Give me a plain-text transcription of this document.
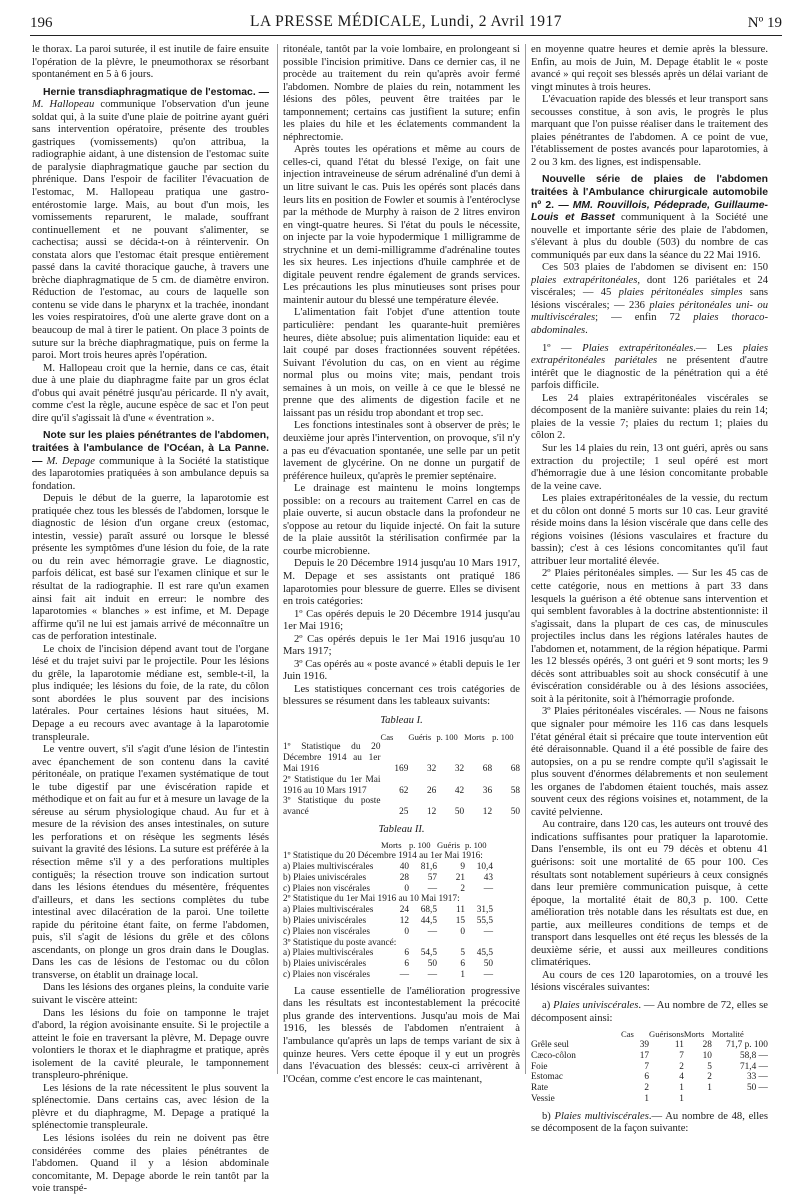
196	LA PRESSE MÉDICALE, Lundi, 2 Avril 1917	Nº 19

le thorax. La paroi suturée, il est inutile de faire ensuite l'opération de la plèvre, le pneumothorax se résorbant spontanément en 5 à 6 jours.

Hernie transdiaphragmatique de l'estomac. — M. Hallopeau communique l'observation d'un jeune soldat qui, à la suite d'une plaie de poitrine ayant guéri sans intervention opératoire, présente des troubles gastriques (vomissements) qu'on attribua, la radiographie aidant, à une distension de l'estomac suite de paralysie diaphragmatique gauche par section du phrénique. Dans l'espoir de faciliter l'évacuation de l'estomac, M. Hallopeau pratiqua une gastro-entérostomie large. Mais, au bout d'un mois, les vomissements reparurent, le malade, souffrant continuellement et ne pouvant s'alimenter, se cachectisa; aussi se décida-t-on à réintervenir. On constata alors que l'estomac était presque entièrement passé dans la cavité thoracique gauche, à travers une brèche diaphragmatique de 5 cm. de diamètre environ. Réduction de l'estomac, au cours de laquelle son contenu se vide dans le pharynx et la trachée, inondant les voies respiratoires, d'où une alerte grave dont on a beaucoup de mal à tirer le patient. On place 3 points de suture sur la brèche diaphragmatique, puis on ferme la paroi. Mort trois heures après l'opération.

M. Hallopeau croit que la hernie, dans ce cas, était due à une plaie du diaphragme faite par un gros éclat d'obus qui avait pénétré jusqu'au péricarde. Il n'y avait, comme c'est la règle, aucune espèce de sac et l'on peut dire qu'il s'agissait là d'une « éventration ».

Note sur les plaies pénétrantes de l'abdomen, traitées à l'ambulance de l'Océan, à La Panne. — M. Depage communique à la Société la statistique des laparotomies pratiquées à son ambulance depuis sa fondation.

Depuis le début de la guerre, la laparotomie est pratiquée chez tous les blessés de l'abdomen, lorsque le diagnostic de lésion d'un organe creux (estomac, intestin, vessie) paraît assuré ou lorsque le blessé présente les symptômes d'une lésion du foie, de la rate ou du rein avec hémorragie grave. Le diagnostic, parfois délicat, est basé sur l'examen clinique et sur le résultat de la radiographie. Il est rare qu'un examen ainsi fait ait induit en erreur: le nombre des laparotomies « blanches » est infime, et M. Depage affirme qu'il ne lui est jamais arrivé de méconnaître un cas de perforation intestinale.

Le choix de l'incision dépend avant tout de l'organe lésé et du trajet suivi par le projectile. Pour les lésions du grêle, la laparotomie médiane est, semble-t-il, la plus indiquée; les lésions du foie, de la rate, du côlon sont abordées le plus souvent par des incisions latérales. Pour certaines lésions haut situées, M. Depage a eu recours avec avantage à la laparotomie transpleurale.

Le ventre ouvert, s'il s'agit d'une lésion de l'intestin avec épanchement de son contenu dans la cavité péritonéale, on pratique l'examen systématique de tout le tube digestif par une éviscération rapide et méthodique et on fait au fur et à mesure un lavage de la séreuse au sérum physiologique chaud. Au fur et à mesure de la révision des anses intestinales, on suture les perforations et on résèque les segments lésés suivant la gravité des lésions. La suture est préférée à la résection même s'il y a des perforations multiples contiguës; la résection trouve son indication surtout dans les lésions étendues du mésentère, fréquentes d'ailleurs, et dans les sections complètes du tube intestinal avec dilacération de la paroi. Une toilette rapide du péritoine étant faite, on ferme l'abdomen, puis, s'il s'agit de lésions du grêle et des côlons ascendants, on plonge un gros drain dans le Douglas. Dans les cas de lésions de l'estomac ou du côlon transverse, on établit un drainage local.

Dans les lésions des organes pleins, la conduite varie suivant le viscère atteint:

Dans les lésions du foie on tamponne le trajet d'abord, la région avoisinante ensuite. Si le projectile a atteint le foie en traversant la plèvre, M. Depage ouvre volontiers le thorax et le diaphragme et pratique, après isolement de la cavité pleurale, le tamponnement transpleuro-phrénique.

Les lésions de la rate nécessitent le plus souvent la splénectomie. Dans certains cas, avec lésion de la plèvre et du diaphragme, M. Depage a pratiqué la splénectomie transpleurale.

Les lésions isolées du rein ne doivent pas être considérées comme des plaies pénétrantes de l'abdomen. Quand il y a lésion abdominale concomitante, M. Depage aborde le rein tantôt par la voie transpé-

ritonéale, tantôt par la voie lombaire, en prolongeant si possible l'incision primitive. Dans ce dernier cas, il ne procède au traitement du rein qu'après avoir fermé l'abdomen. Nombre de plaies du rein, notamment les lésions des pôles, peuvent être traitées par le tamponnement; certains cas justifient la suture; enfin les plaies du hile et les éclatements commandent la néphrectomie.

Après toutes les opérations et même au cours de celles-ci, quand l'état du blessé l'exige, on fait une injection intraveineuse de sérum adrénaliné d'un demi à un litre suivant le cas. Puis les opérés sont placés dans leurs lits en position de Fowler et soumis à l'entéroclyse par la méthode de Murphy à raison de 2 litres environ en vingt-quatre heures. Si l'état du pouls le nécessite, on injecte par la voie hypodermique 1 milligramme de strychnine et un demi-milligramme d'adrénaline toutes les six heures. Les injections d'huile camphrée et de digitale peuvent rendre également de grands services. Les précautions les plus minutieuses sont prises pour maintenir autour du blessé une température élevée.

L'alimentation fait l'objet d'une attention toute particulière: pendant les quarante-huit premières heures, diète absolue; puis alimentation liquide: eau et lait coupé par doses fractionnées souvent répétées. Suivant l'évolution du cas, on en vient au régime normal plus ou moins vite; mais, pendant trois semaines à un mois, on veille à ce que le blessé ne prenne que des aliments de digestion facile et ne laissant pas un résidu trop abondant et trop sec.

Les fonctions intestinales sont à observer de près; le deuxième jour après l'intervention, on provoque, s'il n'y a pas eu d'évacuation spontanée, une selle par un petit lavement de glycérine. On ne donne un purgatif de préférence huileux, qu'après le premier septénaire.

Le drainage est maintenu le moins longtemps possible: on a recours au traitement Carrel en cas de plaie ouverte, si aucun obstacle dans la profondeur ne s'oppose au retour du liquide injecté. On fait la suture de la plaie aussitôt la stérilisation confirmée par la courbe microbienne.

Depuis le 20 Décembre 1914 jusqu'au 10 Mars 1917, M. Depage et ses assistants ont pratiqué 186 laparotomies pour blessure de guerre. Elles se divisent en trois catégories:

1º Cas opérés depuis le 20 Décembre 1914 jusqu'au 1er Mai 1916;

2º Cas opérés depuis le 1er Mai 1916 jusqu'au 10 Mars 1917;

3º Cas opérés au « poste avancé » établi depuis le 1er Juin 1916.

Les statistiques concernant ces trois catégories de blessures se résument dans les tableaux suivants:

Tableau I.
	Cas	Guéris	p. 100	Morts	p. 100
1º Statistique du 20 Décembre 1914 au 1er Mai 1916	169	32	32	68	68
2º Statistique du 1er Mai 1916 au 10 Mars 1917	62	26	42	36	58
3º Statistique du poste avancé	25	12	50	12	50
Tableau II.
		Morts	p. 100	Guéris	p. 100
1º Statistique du 20 Décembre 1914 au 1er Mai 1916:					
a) Plaies multiviscérales		40	81,6	9	10,4
b) Plaies univiscérales		28	57	21	43
c) Plaies non viscérales		0	—	2	—
2º Statistique du 1er Mai 1916 au 10 Mai 1917:					
a) Plaies multiviscérales		24	68,5	11	31,5
b) Plaies univiscérales		12	44,5	15	55,5
c) Plaies non viscérales		0	—	0	—
3º Statistique du poste avancé:					
a) Plaies multiviscérales		6	54,5	5	45,5
b) Plaies univiscérales		6	50	6	50
c) Plaies non viscérales		—	—	1	—

La cause essentielle de l'amélioration progressive dans les résultats est incontestablement la précocité plus grande des interventions. Jusqu'au mois de Mai 1916, les blessés de l'abdomen n'entraient à l'ambulance qu'après un laps de temps variant de six à quinze heures. Vers cette époque il y eut un progrès dans l'évacuation des blessés: ceux-ci arrivèrent à l'Océan, comme c'est encore le cas maintenant,

en moyenne quatre heures et demie après la blessure. Enfin, au mois de Juin, M. Depage établit le « poste avancé » qui reçoit ses blessés après un délai variant de vingt minutes à trois heures.

L'évacuation rapide des blessés et leur transport sans secousses constitue, à son avis, le progrès le plus marquant que l'on puisse réaliser dans le traitement des plaies pénétrantes de l'abdomen. A ce point de vue, l'établissement de postes avancés pour laparotomies, à 2 ou 3 km. des lignes, est indispensable.

Nouvelle série de plaies de l'abdomen traitées à l'Ambulance chirurgicale automobile nº 2. — MM. Rouvillois, Pédeprade, Guillaume-Louis et Basset communiquent à la Société une nouvelle et importante série des plaie de l'abdomen, s'élevant à plus du double (503) du nombre de cas communiqués par eux dans la séance du 22 Mai 1916.

Ces 503 plaies de l'abdomen se divisent en: 150 plaies extrapéritonéales, dont 126 pariétales et 24 viscérales; — 45 plaies péritonéales simples sans lésions viscérales; — 236 plaies péritonéales uni- ou multiviscérales; — enfin 72 plaies thoraco-abdominales.

1º — Plaies extrapéritonéales.— Les plaies extrapéritonéales pariétales ne présentent d'autre intérêt que le diagnostic de la pénétration qui a été parfois difficile.

Les 24 plaies extrapéritonéales viscérales se décomposent de la manière suivante: plaies du rein 14; plaies de la vessie 7; plaies du rectum 1; plaies du côlon 2.

Sur les 14 plaies du rein, 13 ont guéri, après ou sans extraction du projectile; 1 seul opéré est mort d'hémorragie due à une lésion concomitante probable de la veine cave.

Les plaies extrapéritonéales de la vessie, du rectum et du côlon ont donné 5 morts sur 10 cas. Leur gravité réside moins dans la lésion viscérale que dans celle des régions voisines (lésions vasculaires et fracture du bassin); c'est à ces lésions concomitantes qu'il faut attribuer leur mortalité élevée.

2º Plaies péritonéales simples. — Sur les 45 cas de cette catégorie, nous en mettions à part 33 dans lesquels la guérison a été obtenue sans intervention et qui semblent favorables à la doctrine abstentionniste: il s'agissait, dans la plupart de ces cas, de minuscules projectiles inclus dans les régions latérales hautes de l'abdomen et, notamment, de la région hépatique. Parmi les 12 blessés opérés, 3 ont guéri et 9 sont morts; les 9 décès sont attribuables soit au shock consécutif à une éviscération considérable ou à des lésions associées, soit à la péritonite, soit à l'hémorragie profonde.

3º Plaies péritonéales viscérales. — Nous ne faisons que signaler pour mémoire les 116 cas dans lesquels l'état général était si précaire que toute intervention eût été déraisonnable. Quand il a été possible de faire des autopsies, on a pu se rendre compte qu'il s'agissait le plus souvent d'énormes délabrements et non seulement les organes de l'abdomen étaient touchés, mais assez souvent ceux des régions voisines et, notamment, de la cavité pelvienne.

Au contraire, dans 120 cas, les auteurs ont trouvé des indications suffisantes pour pratiquer la laparotomie. Dans l'ensemble, ils ont eu 79 décès et obtenu 41 guérisons: soit une mortalité de 65 pour 100. Ces résultats sont notablement supérieurs à ceux consignés dans leur première communication puisque, à cette époque, la mortalité était de 80,3 p. 100. Cette amélioration très notable dans les résultats est due, en partie, aux meilleures conditions de temps et de transport dans lesquelles ont été reçus les blessés de la deuxième série, et aussi aux meilleures conditions climatériques.

Au cours de ces 120 laparotomies, on a trouvé les lésions viscérales suivantes:

a) Plaies univiscérales. — Au nombre de 72, elles se décomposent ainsi:

	Cas	Guérisons	Morts	Mortalité
Grêle seul	39	11	28	71,7 p. 100
Cæco-côlon	17	7	10	58,8 —
Foie	7	2	5	71,4 —
Estomac	6	4	2	33 —
Rate	2	1	1	50 —
Vessie	1	1		

b) Plaies multiviscérales.— Au nombre de 48, elles se décomposent de la façon suivante:
